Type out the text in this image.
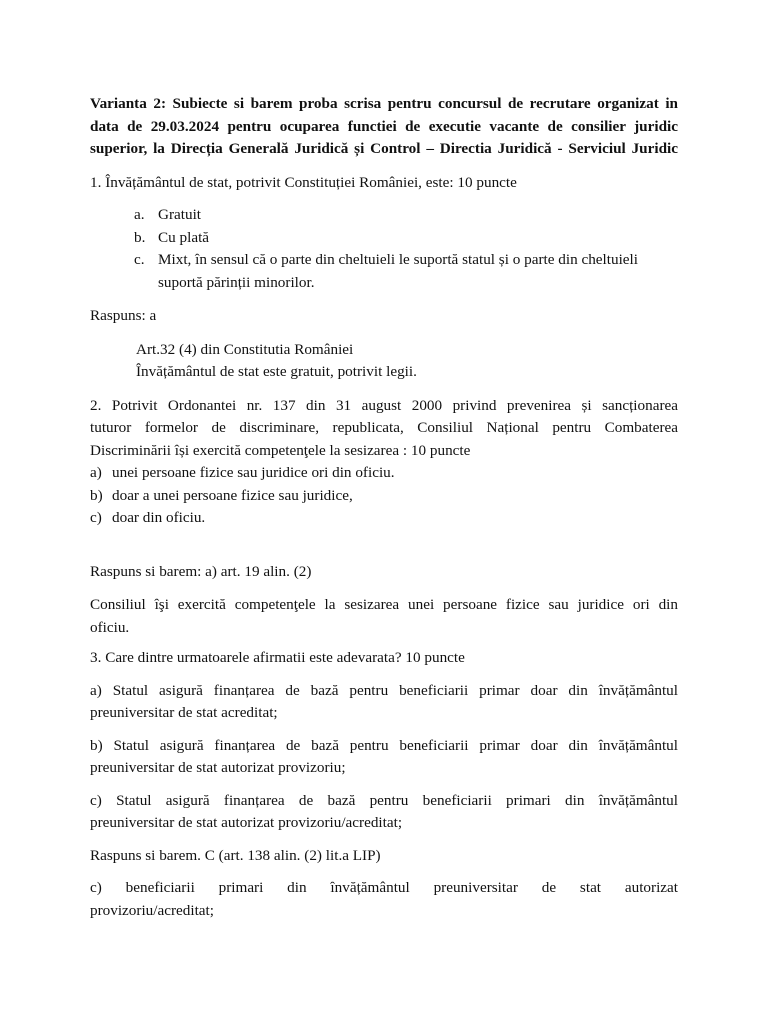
Varianta 2: Subiecte si barem proba scrisa pentru concursul de recrutare organizat in
data de 29.03.2024 pentru ocuparea functiei de executie vacante de consilier juridic
superior, la Direcția Generală Juridică și Control – Directia Juridică - Serviciul Juridic

1. Învățământul de stat, potrivit Constituției României, este: 10 puncte

a. Gratuit
b. Cu plată
c. Mixt, în sensul că o parte din cheltuieli le suportă statul și o parte din cheltuieli
suportă părinții minorilor.

Raspuns: a

Art.32 (4) din Constitutia României
Învățământul de stat este gratuit, potrivit legii.
2. Potrivit Ordonantei nr. 137 din 31 august 2000 privind prevenirea și sancționarea
tuturor formelor de discriminare, republicata, Consiliul Național pentru Combaterea
Discriminării își exercită competenţele la sesizarea : 10 puncte
a) unei persoane fizice sau juridice ori din oficiu.
b) doar a unei persoane fizice sau juridice,
c) doar din oficiu.

Raspuns si barem: a) art. 19 alin. (2)

Consiliul îşi exercită competenţele la sesizarea unei persoane fizice sau juridice ori din
oficiu.

3. Care dintre urmatoarele afirmatii este adevarata? 10 puncte

a) Statul asigură finanțarea de bază pentru beneficiarii primar doar din învățământul
preuniversitar de stat acreditat;
b) Statul asigură finanțarea de bază pentru beneficiarii primar doar din învățământul
preuniversitar de stat autorizat provizoriu;
c) Statul asigură finanțarea de bază pentru beneficiarii primari din învățământul
preuniversitar de stat autorizat provizoriu/acreditat;

Raspuns si barem. C (art. 138 alin. (2) lit.a LIP)

c) beneficiarii primari din învățământul preuniversitar de stat autorizat
provizoriu/acreditat;
